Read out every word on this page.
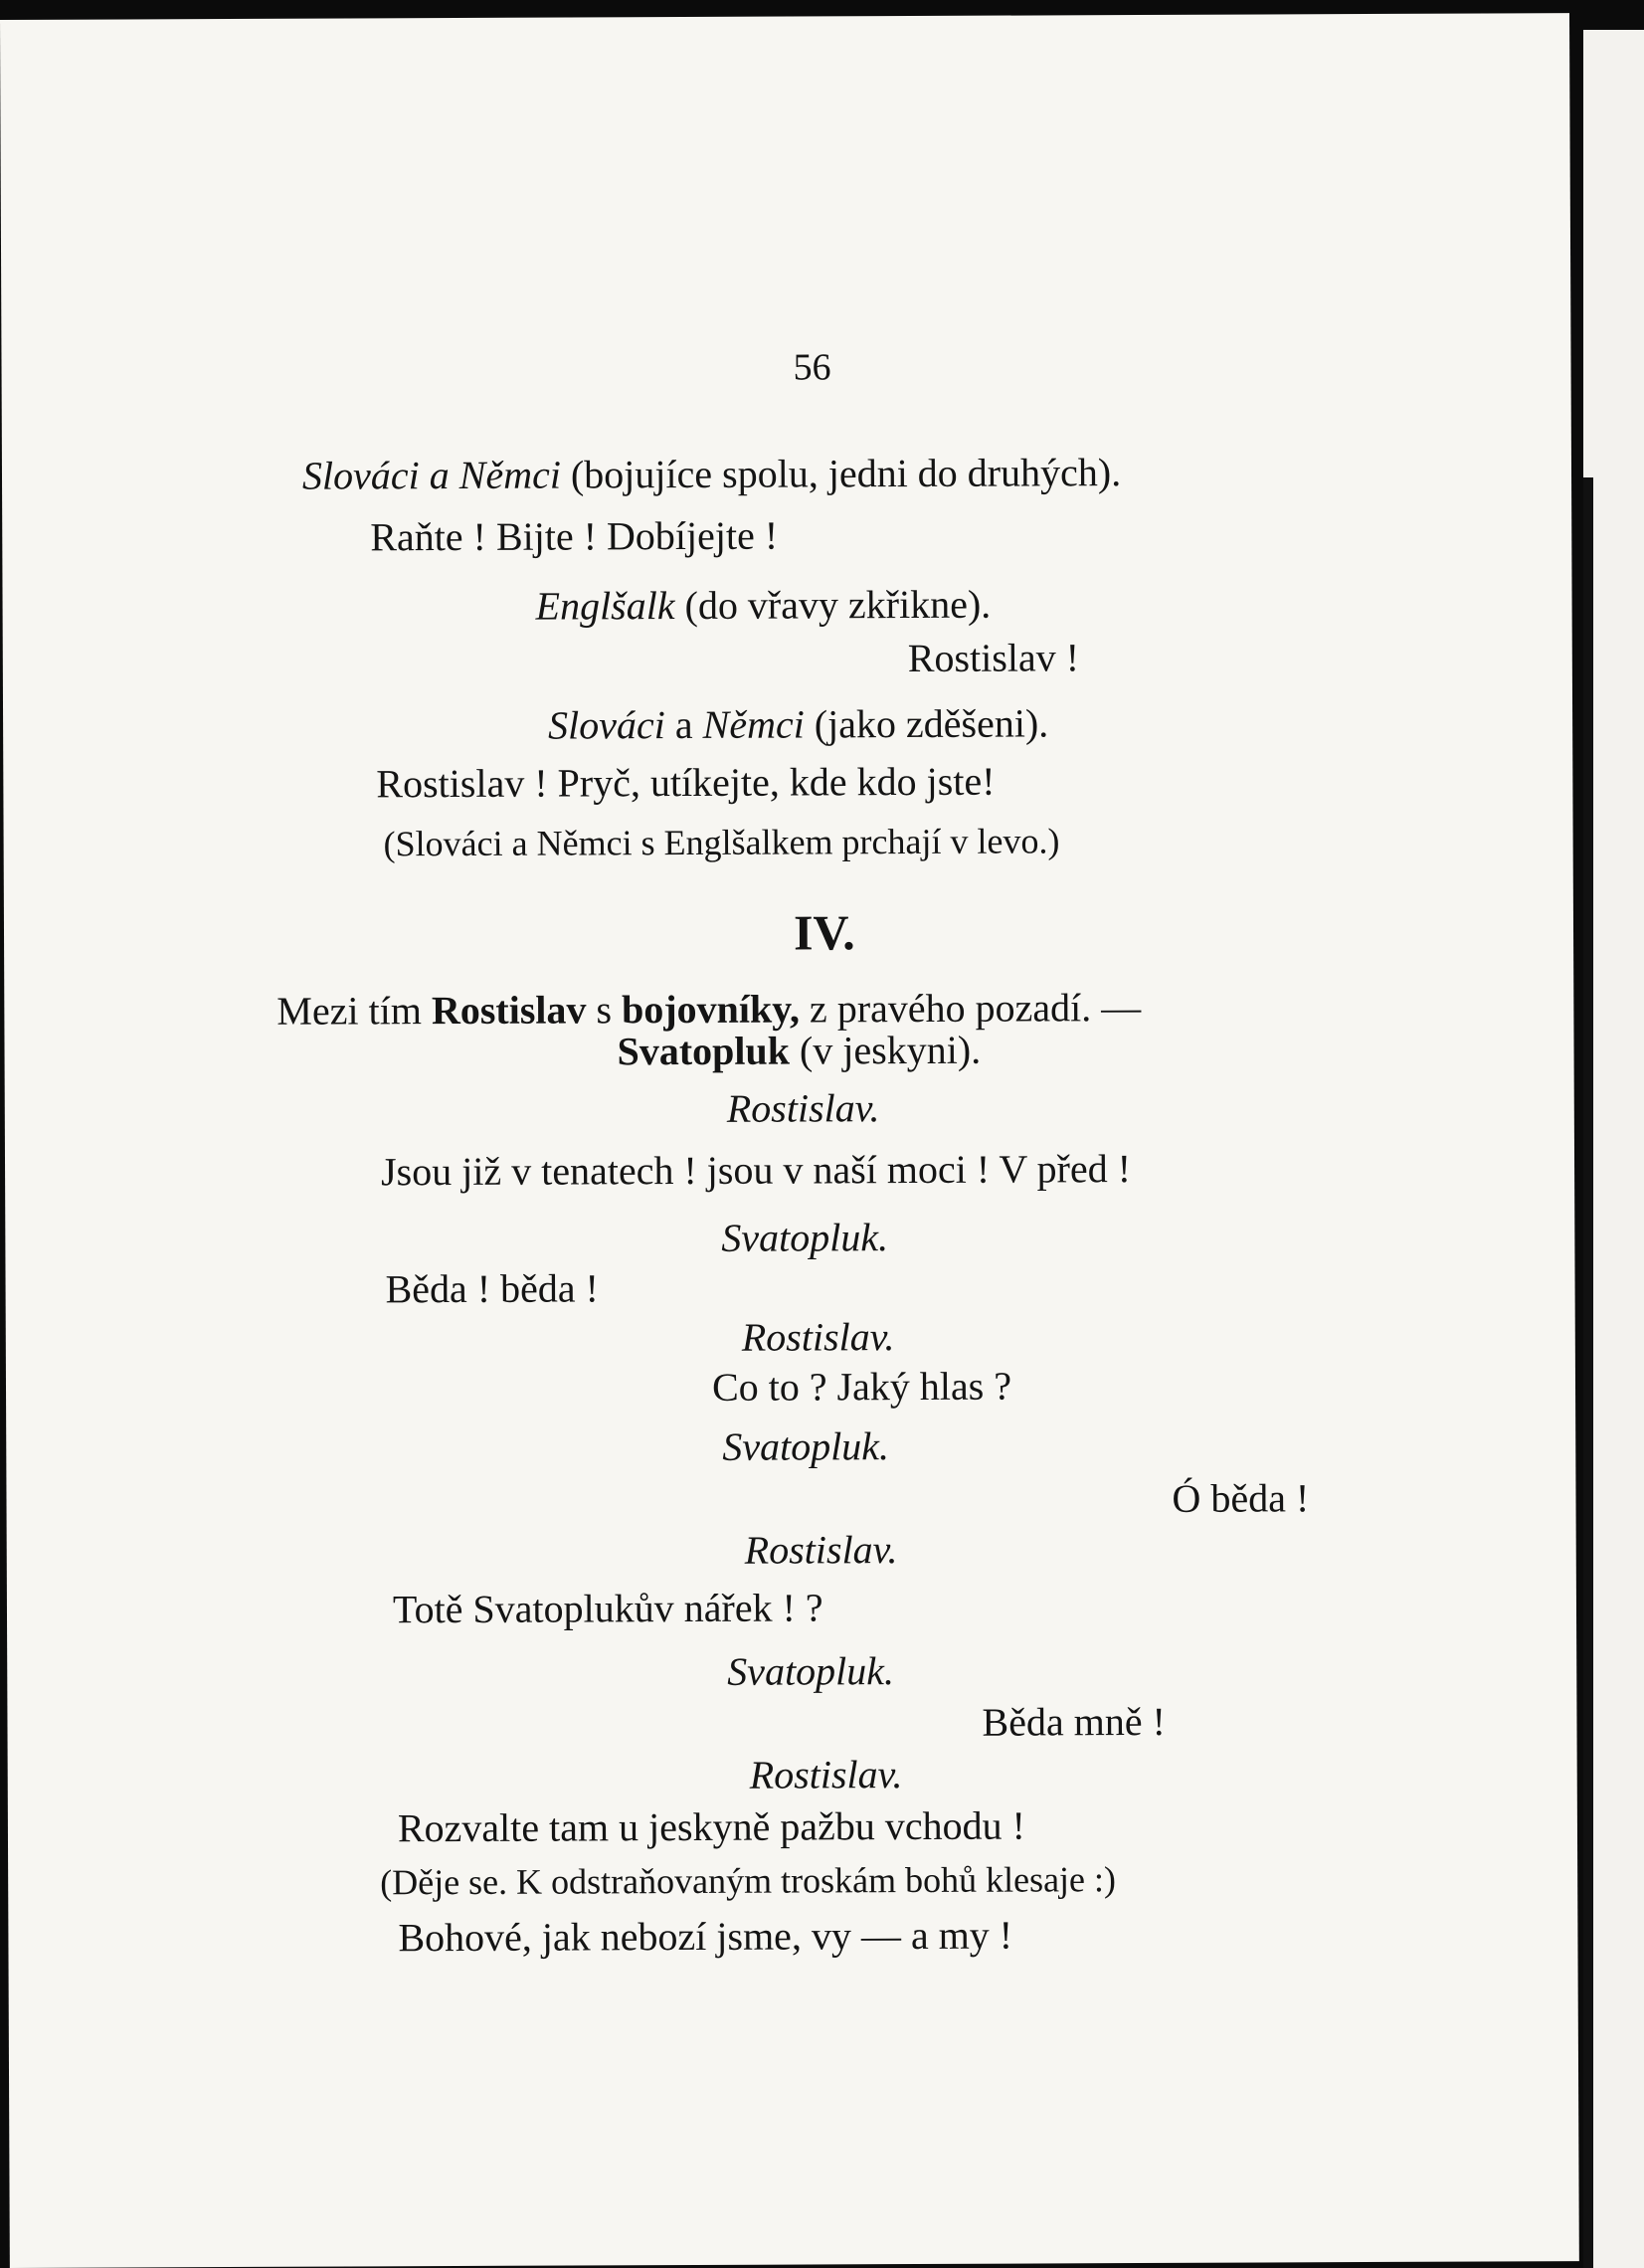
56
Slováci a Němci (bojujíce spolu, jedni do druhých).
Raňte ! Bijte ! Dobíjejte !
Englšalk (do vřavy zkřikne).
Rostislav !
Slováci a Němci (jako zděšeni).
Rostislav ! Pryč, utíkejte, kde kdo jste!
(Slováci a Němci s Englšalkem prchají v levo.)
IV.
Mezi tím Rostislav s bojovníky, z pravého pozadí. —
Svatopluk (v jeskyni).
Rostislav.
Jsou již v tenatech ! jsou v naší moci ! V před !
Svatopluk.
Běda ! běda !
Rostislav.
Co to ? Jaký hlas ?
Svatopluk.
Ó běda !
Rostislav.
Totě Svatoplukův nářek ! ?
Svatopluk.
Běda mně !
Rostislav.
Rozvalte tam u jeskyně pažbu vchodu !
(Děje se. K odstraňovaným troskám bohů klesaje :)
Bohové, jak nebozí jsme, vy — a my !
